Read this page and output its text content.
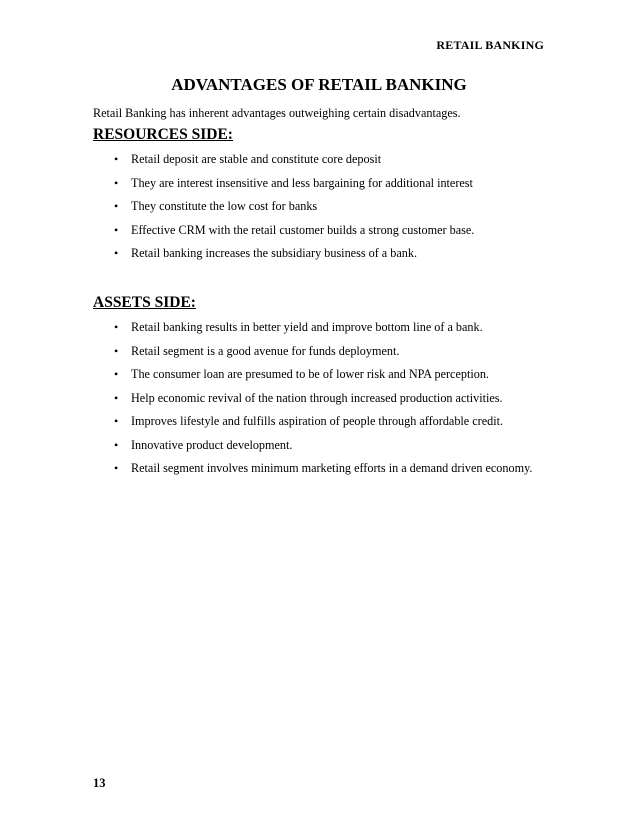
RETAIL BANKING
ADVANTAGES OF RETAIL BANKING
Retail Banking has inherent advantages outweighing certain disadvantages.
RESOURCES SIDE:
• Retail deposit are stable and constitute core deposit
• They are interest insensitive and less bargaining for additional interest
• They constitute the low cost for banks
• Effective CRM with the retail customer builds a strong customer base.
• Retail banking increases the subsidiary business of a bank.
ASSETS SIDE:
• Retail banking results in better yield and improve bottom line of a bank.
• Retail segment is a good avenue for funds deployment.
• The consumer loan are presumed to be of lower risk and NPA perception.
• Help economic revival of the nation through increased production activities.
• Improves lifestyle and fulfills aspiration of people through affordable credit.
• Innovative product development.
• Retail segment involves minimum marketing efforts in a demand driven economy.
13
